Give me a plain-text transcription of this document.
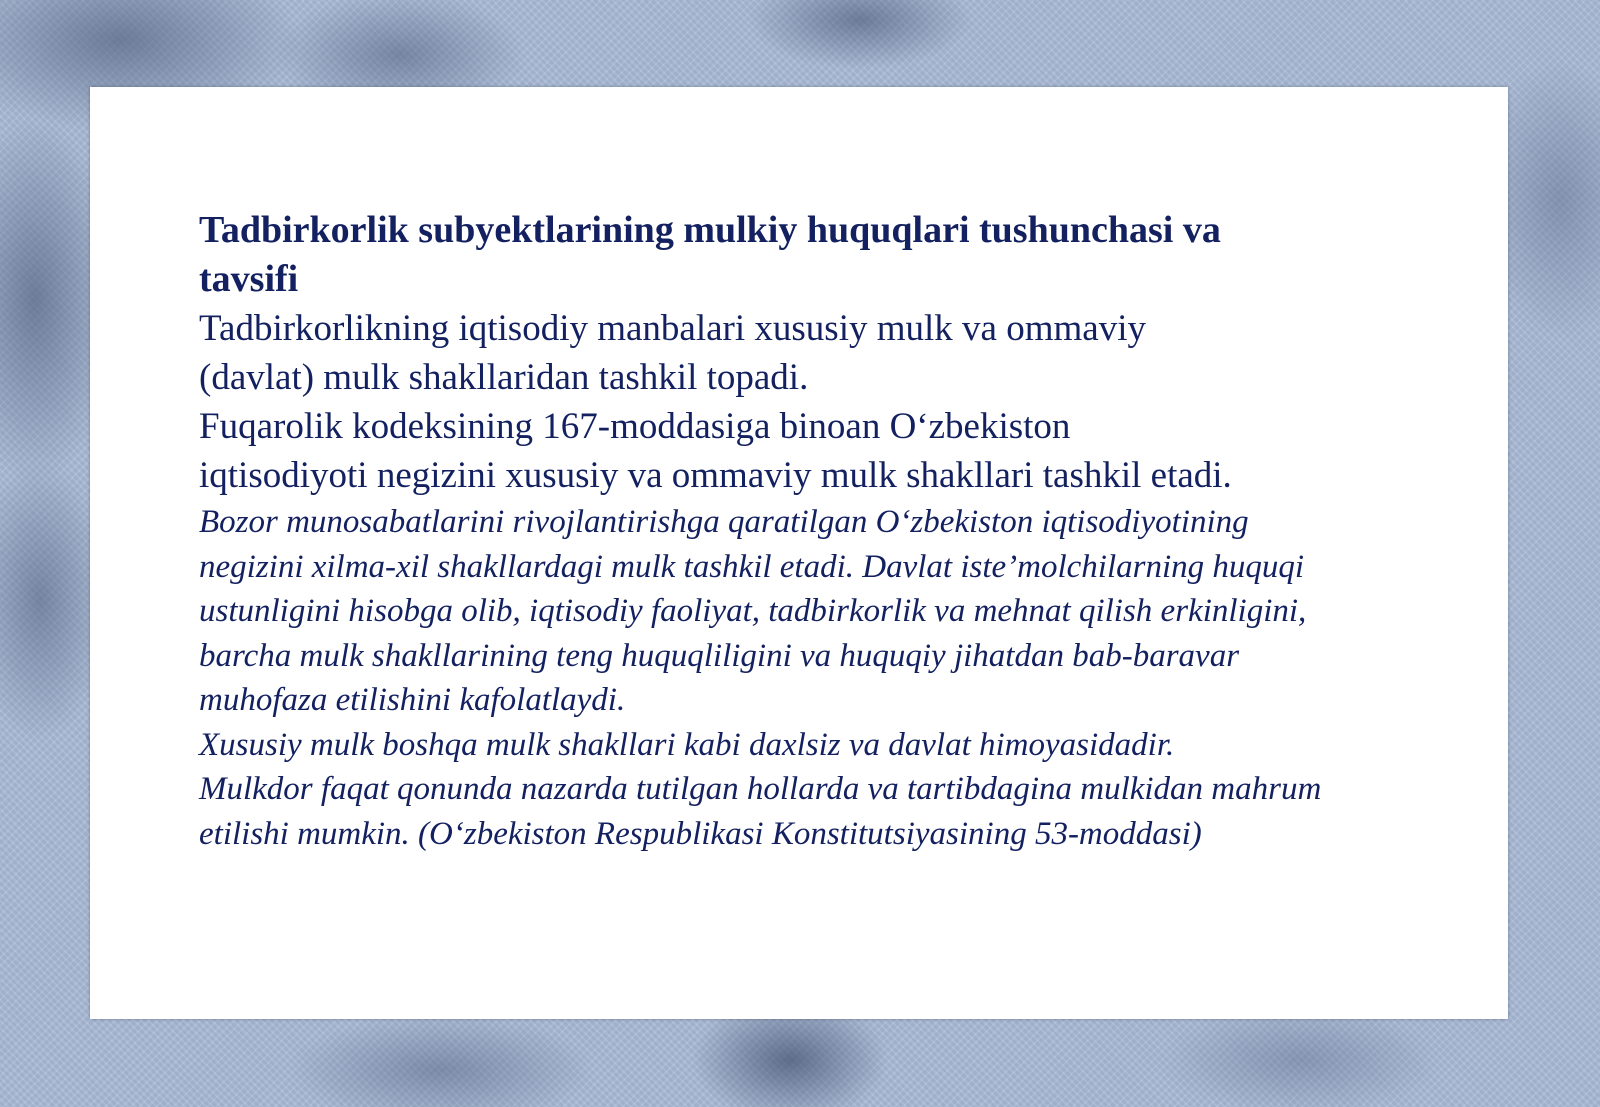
Tadbirkorlik subyektlarining mulkiy huquqlari tushunchasi va
tavsifi
Tadbirkorlikning iqtisodiy manbalari xususiy mulk va ommaviy
(davlat) mulk shakllaridan tashkil topadi.
Fuqarolik kodeksining 167-moddasiga binoan O‘zbekiston
iqtisodiyoti negizini xususiy va ommaviy mulk shakllari tashkil etadi.
Bozor munosabatlarini rivojlantirishga qaratilgan O‘zbekiston iqtisodiyotining
negizini xilma-xil shakllardagi mulk tashkil etadi. Davlat iste’molchilarning huquqi
ustunligini hisobga olib, iqtisodiy faoliyat, tadbirkorlik va mehnat qilish erkinligini,
barcha mulk shakllarining teng huquqliligini va huquqiy jihatdan bab-baravar
muhofaza etilishini kafolatlaydi.
Xususiy mulk boshqa mulk shakllari kabi daxlsiz va davlat himoyasidadir.
Mulkdor faqat qonunda nazarda tutilgan hollarda va tartibdagina mulkidan mahrum
etilishi mumkin. (O‘zbekiston Respublikasi Konstitutsiyasining 53-moddasi)
